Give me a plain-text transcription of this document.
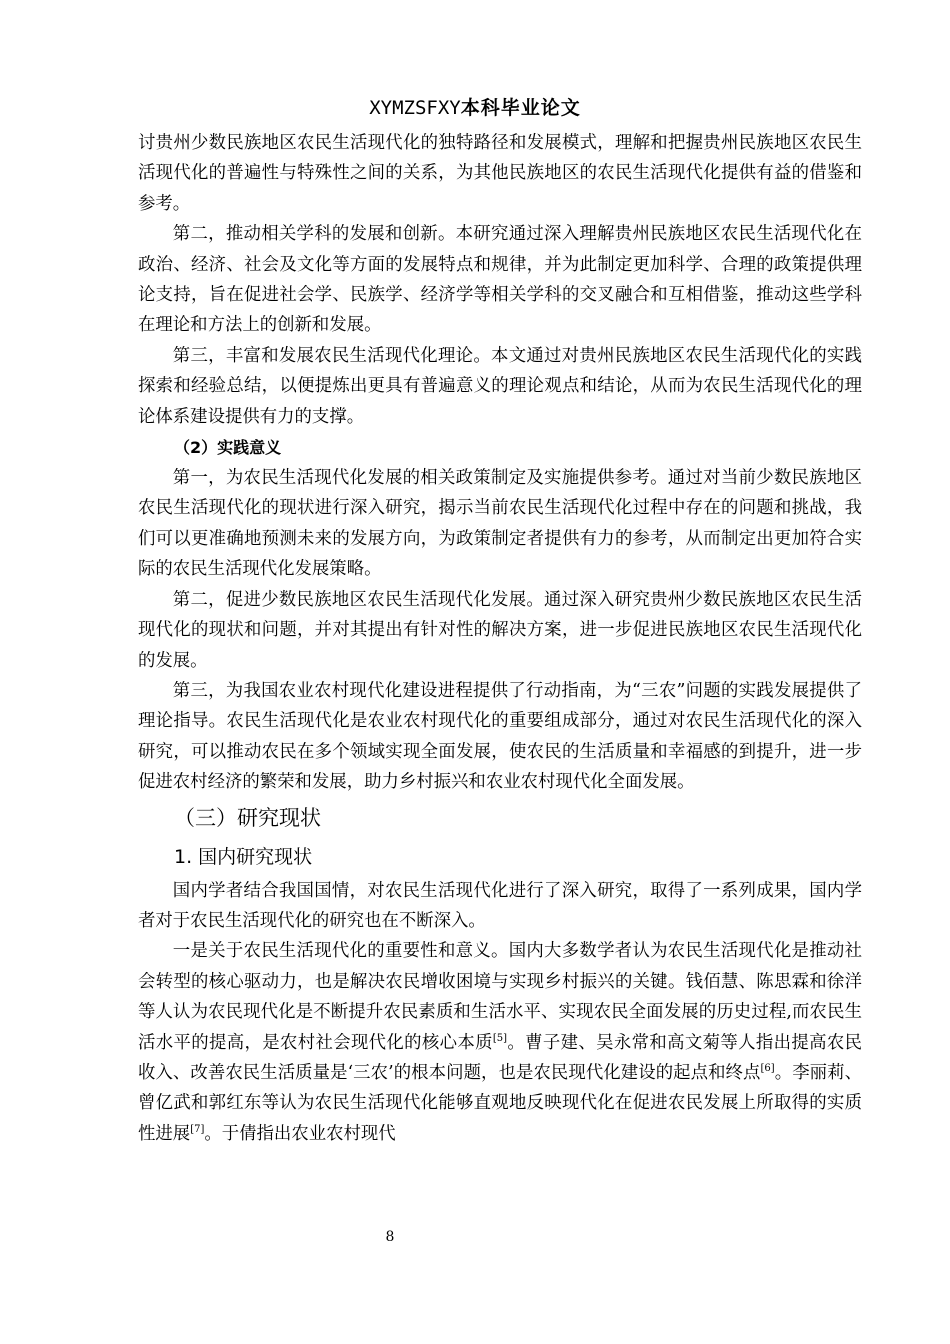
XYMZSFXY本科毕业论文

讨贵州少数民族地区农民生活现代化的独特路径和发展模式，理解和把握贵州民族地区农民生活现代化的普遍性与特殊性之间的关系，为其他民族地区的农民生活现代化提供有益的借鉴和参考。

第二，推动相关学科的发展和创新。本研究通过深入理解贵州民族地区农民生活现代化在政治、经济、社会及文化等方面的发展特点和规律，并为此制定更加科学、合理的政策提供理论支持，旨在促进社会学、民族学、经济学等相关学科的交叉融合和互相借鉴，推动这些学科在理论和方法上的创新和发展。

第三，丰富和发展农民生活现代化理论。本文通过对贵州民族地区农民生活现代化的实践探索和经验总结，以便提炼出更具有普遍意义的理论观点和结论，从而为农民生活现代化的理论体系建设提供有力的支撑。

（2）实践意义

第一，为农民生活现代化发展的相关政策制定及实施提供参考。通过对当前少数民族地区农民生活现代化的现状进行深入研究，揭示当前农民生活现代化过程中存在的问题和挑战，我们可以更准确地预测未来的发展方向，为政策制定者提供有力的参考，从而制定出更加符合实际的农民生活现代化发展策略。

第二，促进少数民族地区农民生活现代化发展。通过深入研究贵州少数民族地区农民生活现代化的现状和问题，并对其提出有针对性的解决方案，进一步促进民族地区农民生活现代化的发展。

第三，为我国农业农村现代化建设进程提供了行动指南，为“三农”问题的实践发展提供了理论指导。农民生活现代化是农业农村现代化的重要组成部分，通过对农民生活现代化的深入研究，可以推动农民在多个领域实现全面发展，使农民的生活质量和幸福感的到提升，进一步促进农村经济的繁荣和发展，助力乡村振兴和农业农村现代化全面发展。

（三）研究现状

1. 国内研究现状

国内学者结合我国国情，对农民生活现代化进行了深入研究，取得了一系列成果，国内学者对于农民生活现代化的研究也在不断深入。

一是关于农民生活现代化的重要性和意义。国内大多数学者认为农民生活现代化是推动社会转型的核心驱动力，也是解决农民增收困境与实现乡村振兴的关键。钱佰慧、陈思霖和徐洋等人认为农民现代化是不断提升农民素质和生活水平、实现农民全面发展的历史过程,而农民生活水平的提高，是农村社会现代化的核心本质[5]。曹子建、吴永常和高文菊等人指出提高农民收入、改善农民生活质量是‘三农’的根本问题，也是农民现代化建设的起点和终点[6]。李丽莉、曾亿武和郭红东等认为农民生活现代化能够直观地反映现代化在促进农民发展上所取得的实质性进展[7]。于倩指出农业农村现代

8
